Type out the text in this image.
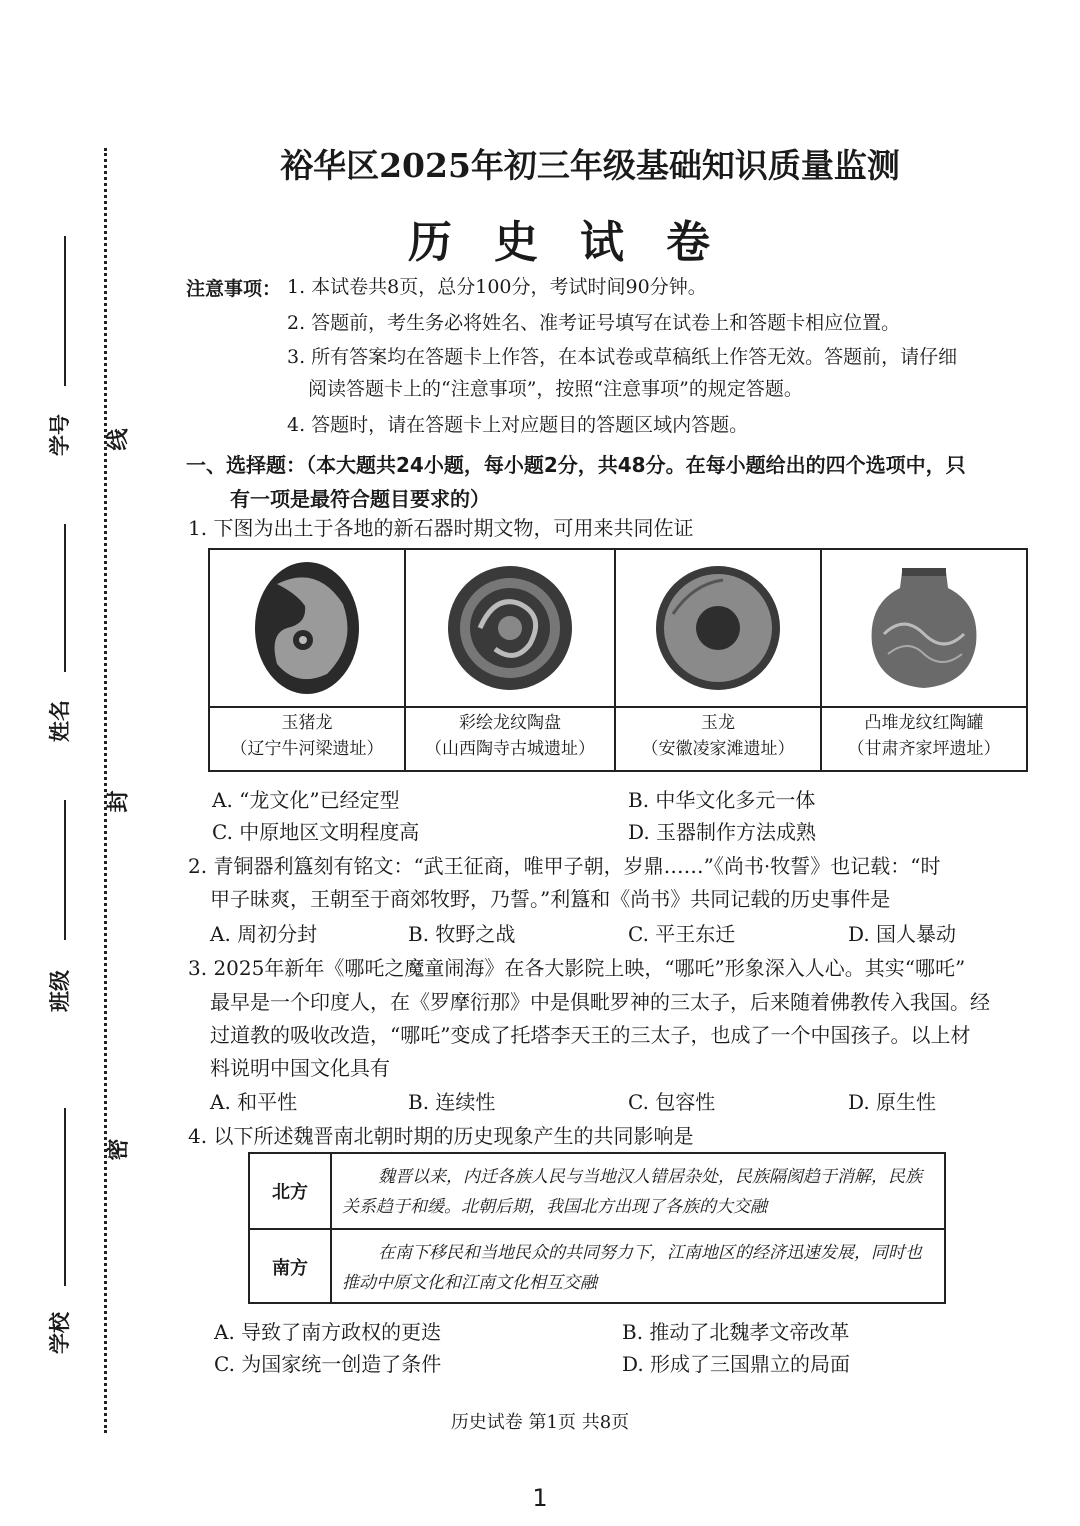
学号
姓名
班级
学校
线
封
密
裕华区2025年初三年级基础知识质量监测
历史试卷
注意事项： 1. 本试卷共8页，总分100分，考试时间90分钟。
2. 答题前，考生务必将姓名、准考证号填写在试卷上和答题卡相应位置。
3. 所有答案均在答题卡上作答，在本试卷或草稿纸上作答无效。答题前，请仔细
阅读答题卡上的“注意事项”，按照“注意事项”的规定答题。
4. 答题时，请在答题卡上对应题目的答题区域内答题。
一、选择题：（本大题共24小题，每小题2分，共48分。在每小题给出的四个选项中，只
有一项是最符合题目要求的）
1. 下图为出土于各地的新石器时期文物，可用来共同佐证
玉猪龙
（辽宁牛河梁遗址）
彩绘龙纹陶盘
（山西陶寺古城遗址）
玉龙
（安徽凌家滩遗址）
凸堆龙纹红陶罐
（甘肃齐家坪遗址）
A. “龙文化”已经定型	B. 中华文化多元一体
C. 中原地区文明程度高	D. 玉器制作方法成熟
2. 青铜器利簋刻有铭文：“武王征商，唯甲子朝，岁鼎……”《尚书·牧誓》也记载：“时
甲子昧爽，王朝至于商郊牧野，乃誓。”利簋和《尚书》共同记载的历史事件是
A. 周初分封	B. 牧野之战	C. 平王东迁	D. 国人暴动
3. 2025年新年《哪吒之魔童闹海》在各大影院上映，“哪吒”形象深入人心。其实“哪吒”
最早是一个印度人，在《罗摩衍那》中是俱毗罗神的三太子，后来随着佛教传入我国。经
过道教的吸收改造，“哪吒”变成了托塔李天王的三太子，也成了一个中国孩子。以上材
料说明中国文化具有
A. 和平性	B. 连续性	C. 包容性	D. 原生性
4. 以下所述魏晋南北朝时期的历史现象产生的共同影响是
北方
魏晋以来，内迁各族人民与当地汉人错居杂处，民族隔阂趋于消解，民族关系趋于和缓。北朝后期，我国北方出现了各族的大交融
南方
在南下移民和当地民众的共同努力下，江南地区的经济迅速发展，同时也推动中原文化和江南文化相互交融
A. 导致了南方政权的更迭	B. 推动了北魏孝文帝改革
C. 为国家统一创造了条件	D. 形成了三国鼎立的局面
历史试卷 第1页 共8页
1
